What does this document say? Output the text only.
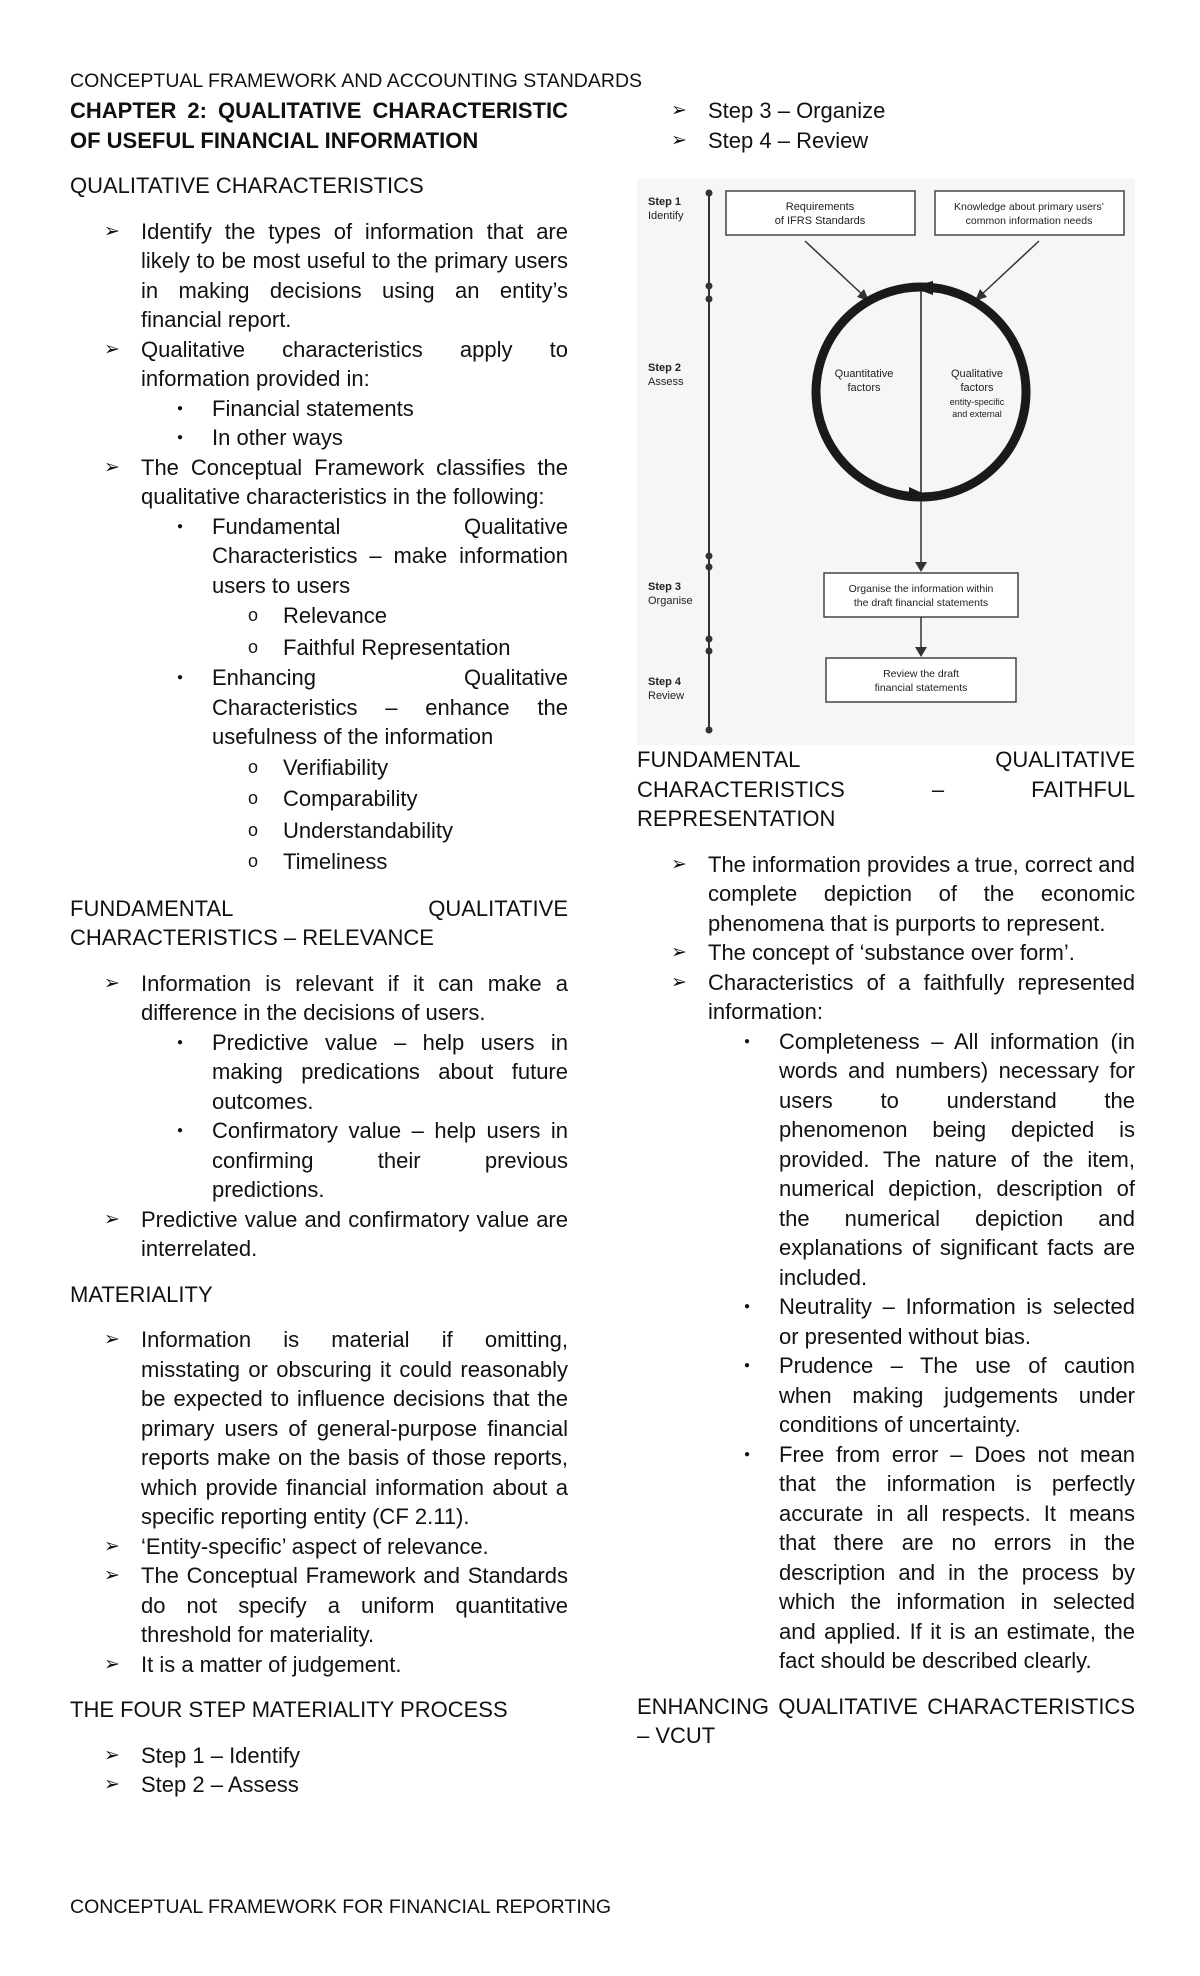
CONCEPTUAL FRAMEWORK AND ACCOUNTING STANDARDS

CHAPTER 2: QUALITATIVE CHARACTERISTIC OF USEFUL FINANCIAL INFORMATION

QUALITATIVE CHARACTERISTICS

➢ Identify the types of information that are likely to be most useful to the primary users in making decisions using an entity’s financial report.
➢ Qualitative characteristics apply to information provided in:
● Financial statements
● In other ways
➢ The Conceptual Framework classifies the qualitative characteristics in the following:
● Fundamental Qualitative Characteristics – make information users to users
o Relevance
o Faithful Representation
● Enhancing Qualitative Characteristics – enhance the usefulness of the information
o Verifiability
o Comparability
o Understandability
o Timeliness

FUNDAMENTAL QUALITATIVE CHARACTERISTICS – RELEVANCE

➢ Information is relevant if it can make a difference in the decisions of users.
● Predictive value – help users in making predications about future outcomes.
● Confirmatory value – help users in confirming their previous predictions.
➢ Predictive value and confirmatory value are interrelated.

MATERIALITY

➢ Information is material if omitting, misstating or obscuring it could reasonably be expected to influence decisions that the primary users of general-purpose financial reports make on the basis of those reports, which provide financial information about a specific reporting entity (CF 2.11).
➢ ‘Entity-specific’ aspect of relevance.
➢ The Conceptual Framework and Standards do not specify a uniform quantitative threshold for materiality.
➢ It is a matter of judgement.

THE FOUR STEP MATERIALITY PROCESS

➢ Step 1 – Identify
➢ Step 2 – Assess
➢ Step 3 – Organize
➢ Step 4 – Review
Step 1
Identify
Step 2
Assess
Step 3
Organise
Step 4
Review
Requirements
of IFRS Standards
Knowledge about primary users’
common information needs
Quantitative
factors
Qualitative
factors
entity-specific
and external
Organise the information within
the draft financial statements
Review the draft
financial statements

FUNDAMENTAL QUALITATIVE CHARACTERISTICS – FAITHFUL REPRESENTATION

➢ The information provides a true, correct and complete depiction of the economic phenomena that is purports to represent.
➢ The concept of ‘substance over form’.
➢ Characteristics of a faithfully represented information:
● Completeness – All information (in words and numbers) necessary for users to understand the phenomenon being depicted is provided. The nature of the item, numerical depiction, description of the numerical depiction and explanations of significant facts are included.
● Neutrality – Information is selected or presented without bias.
● Prudence – The use of caution when making judgements under conditions of uncertainty.
● Free from error – Does not mean that the information is perfectly accurate in all respects. It means that there are no errors in the description and in the process by which the information in selected and applied. If it is an estimate, the fact should be described clearly.

ENHANCING QUALITATIVE CHARACTERISTICS – VCUT

CONCEPTUAL FRAMEWORK FOR FINANCIAL REPORTING
